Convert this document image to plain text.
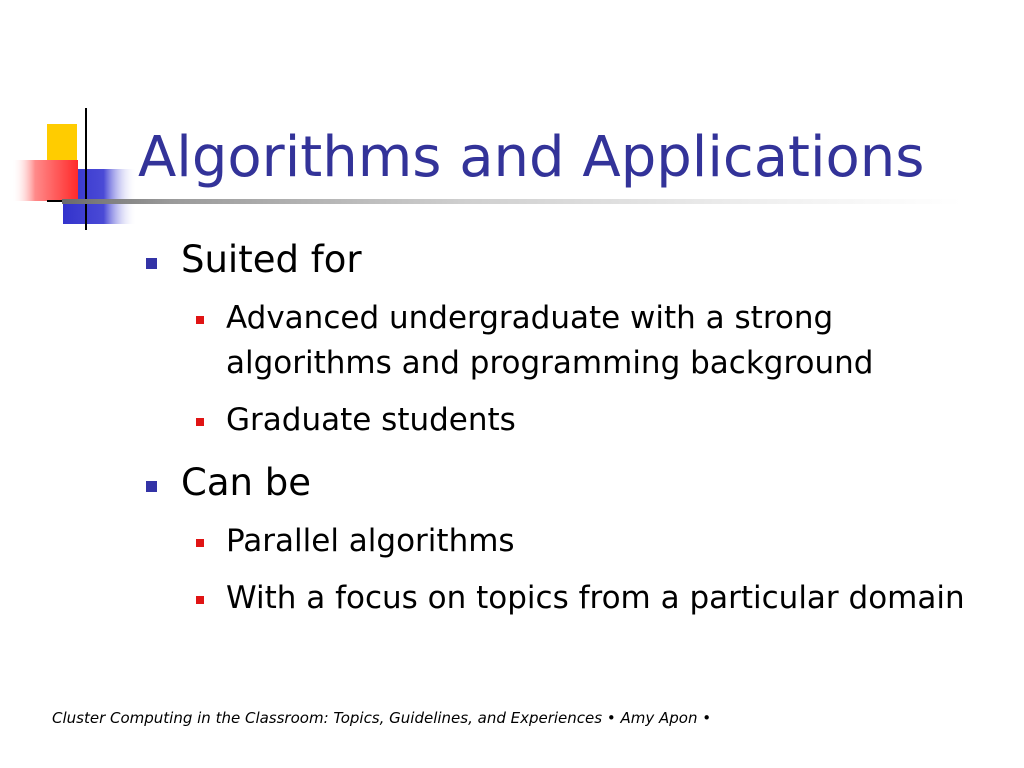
Algorithms and Applications
Suited for
Advanced undergraduate with a strong algorithms and programming background
Graduate students
Can be
Parallel algorithms
With a focus on topics from a particular domain
Cluster Computing in the Classroom: Topics, Guidelines, and Experiences • Amy Apon •
